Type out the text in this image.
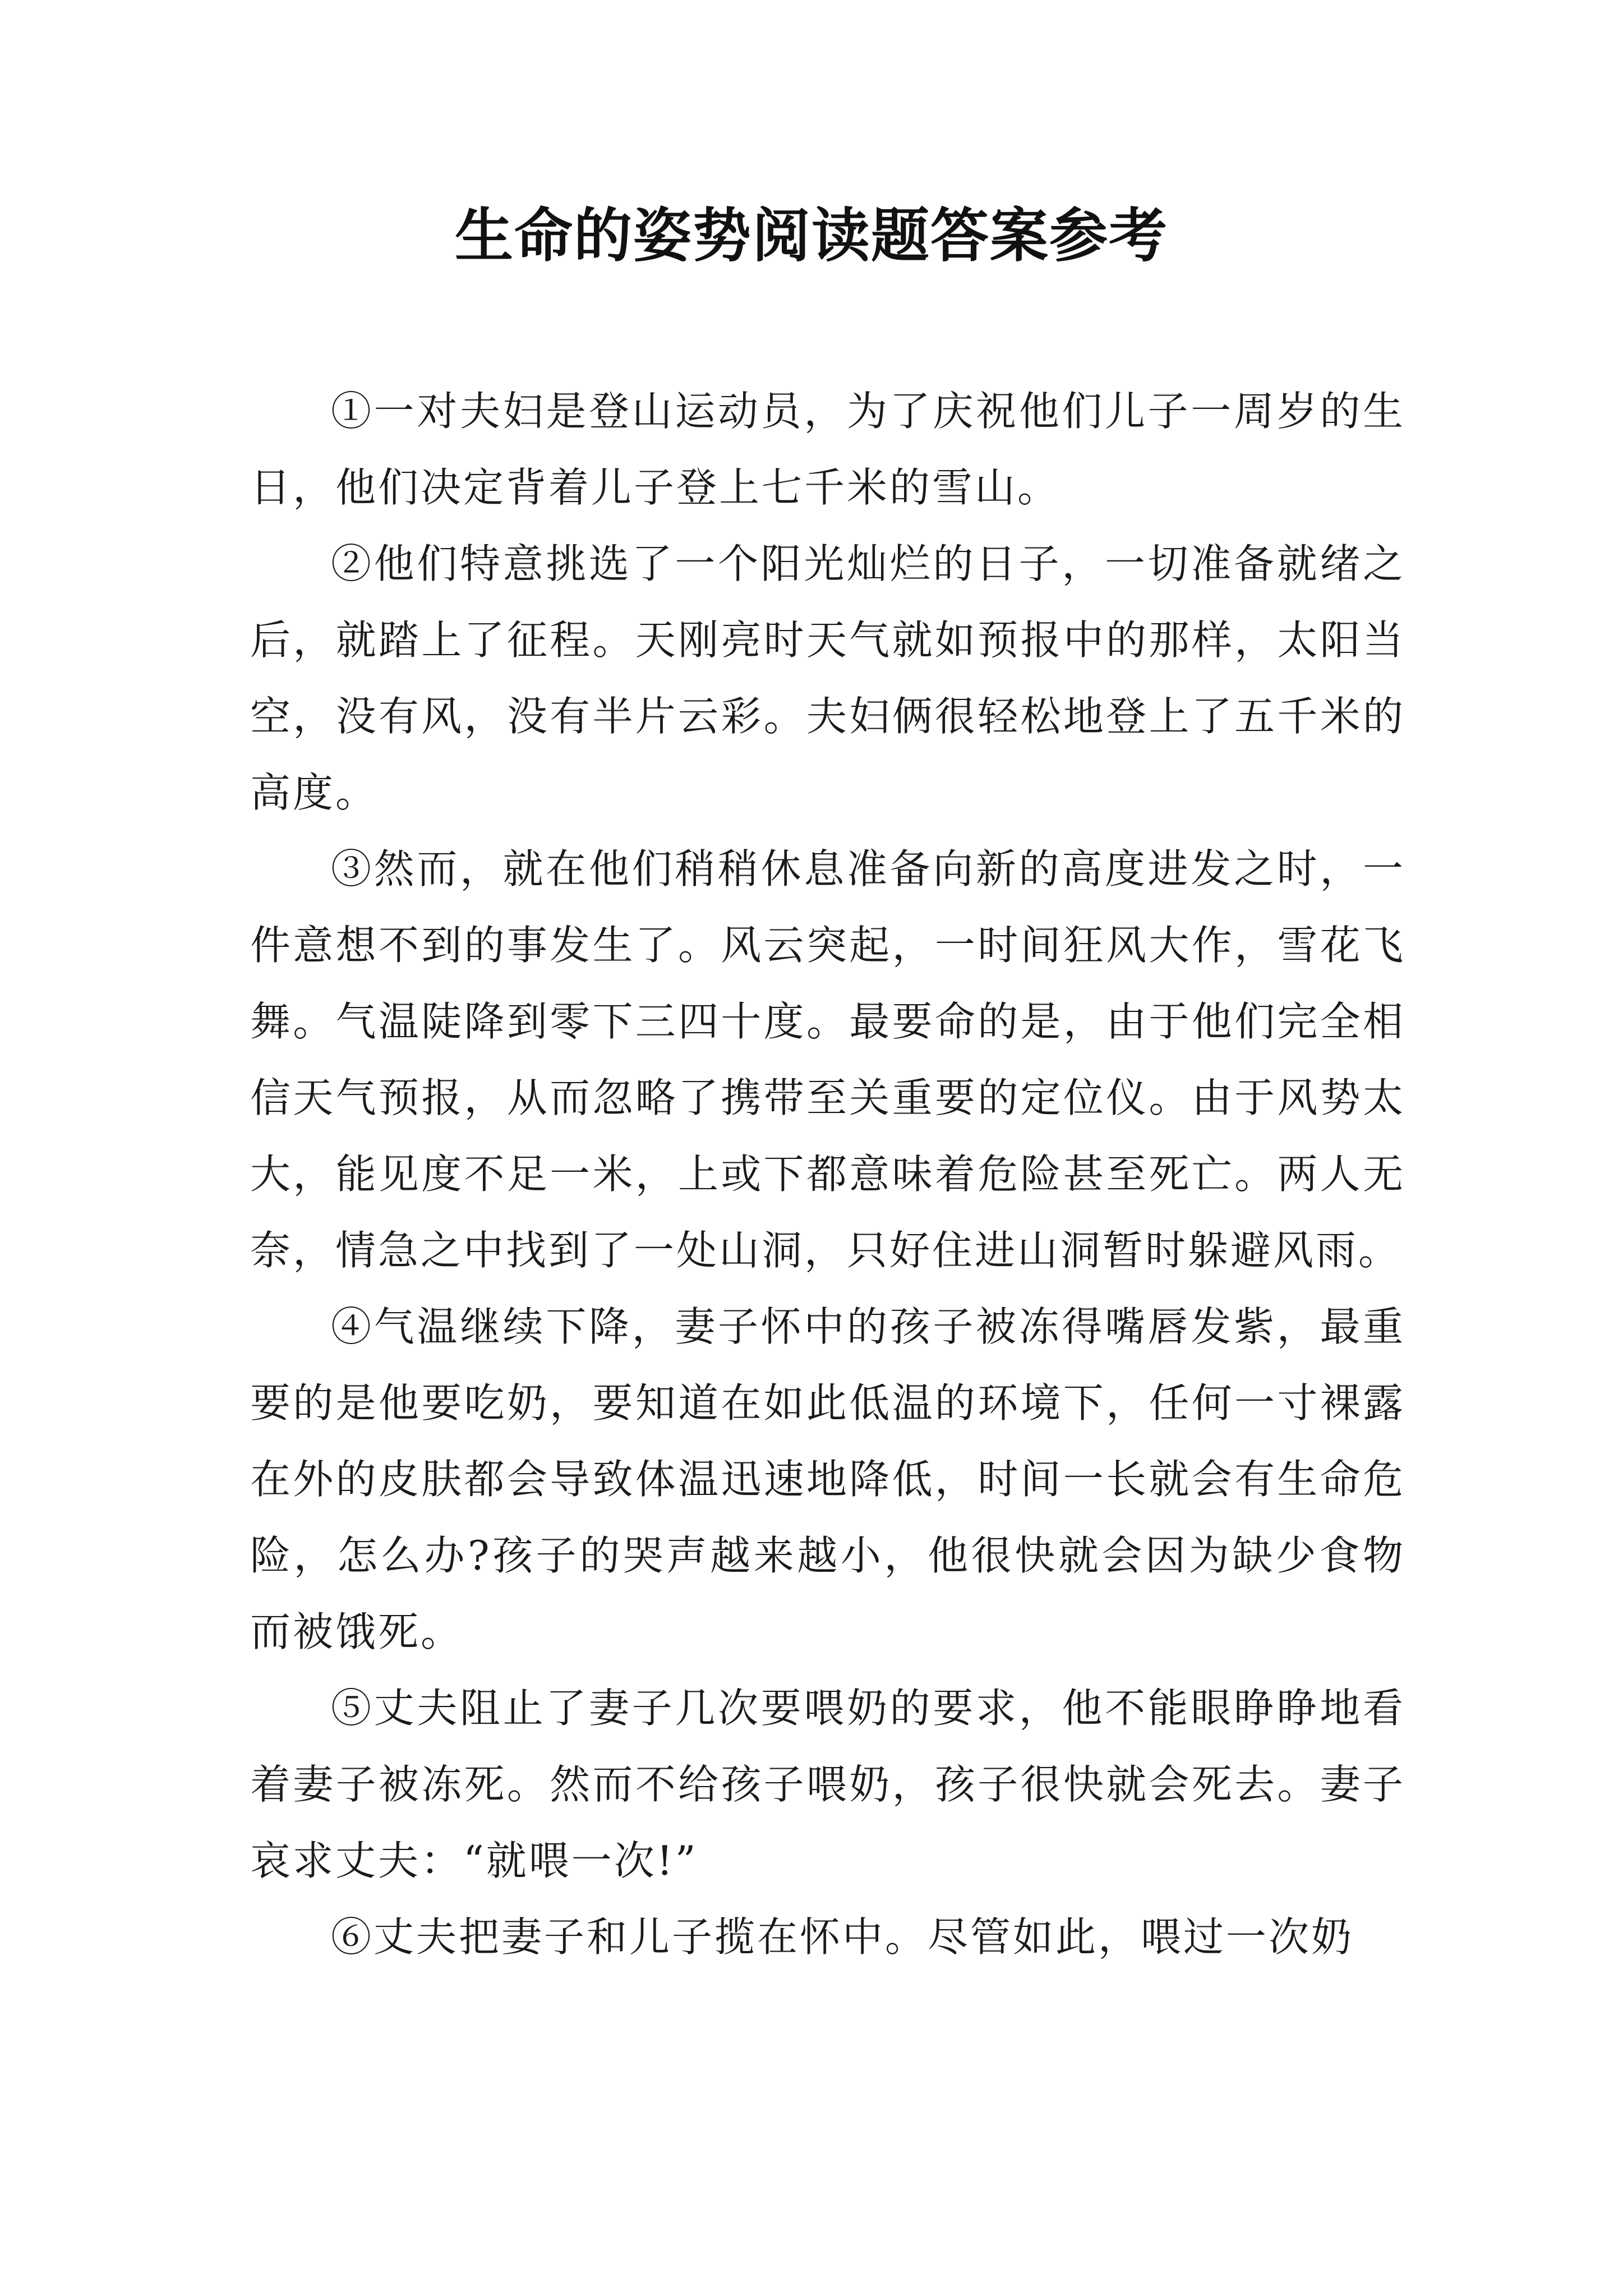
生命的姿势阅读题答案参考

①一对夫妇是登山运动员，为了庆祝他们儿子一周岁的生日，他们决定背着儿子登上七千米的雪山。

②他们特意挑选了一个阳光灿烂的日子，一切准备就绪之后，就踏上了征程。天刚亮时天气就如预报中的那样，太阳当空，没有风，没有半片云彩。夫妇俩很轻松地登上了五千米的高度。

③然而，就在他们稍稍休息准备向新的高度进发之时，一件意想不到的事发生了。风云突起，一时间狂风大作，雪花飞舞。气温陡降到零下三四十度。最要命的是，由于他们完全相信天气预报，从而忽略了携带至关重要的定位仪。由于风势太大，能见度不足一米，上或下都意味着危险甚至死亡。两人无奈，情急之中找到了一处山洞，只好住进山洞暂时躲避风雨。

④气温继续下降，妻子怀中的孩子被冻得嘴唇发紫，最重要的是他要吃奶，要知道在如此低温的环境下，任何一寸裸露在外的皮肤都会导致体温迅速地降低，时间一长就会有生命危险，怎么办?孩子的哭声越来越小，他很快就会因为缺少食物而被饿死。

⑤丈夫阻止了妻子几次要喂奶的要求，他不能眼睁睁地看着妻子被冻死。然而不给孩子喂奶，孩子很快就会死去。妻子哀求丈夫：“就喂一次!”

⑥丈夫把妻子和儿子揽在怀中。尽管如此，喂过一次奶
